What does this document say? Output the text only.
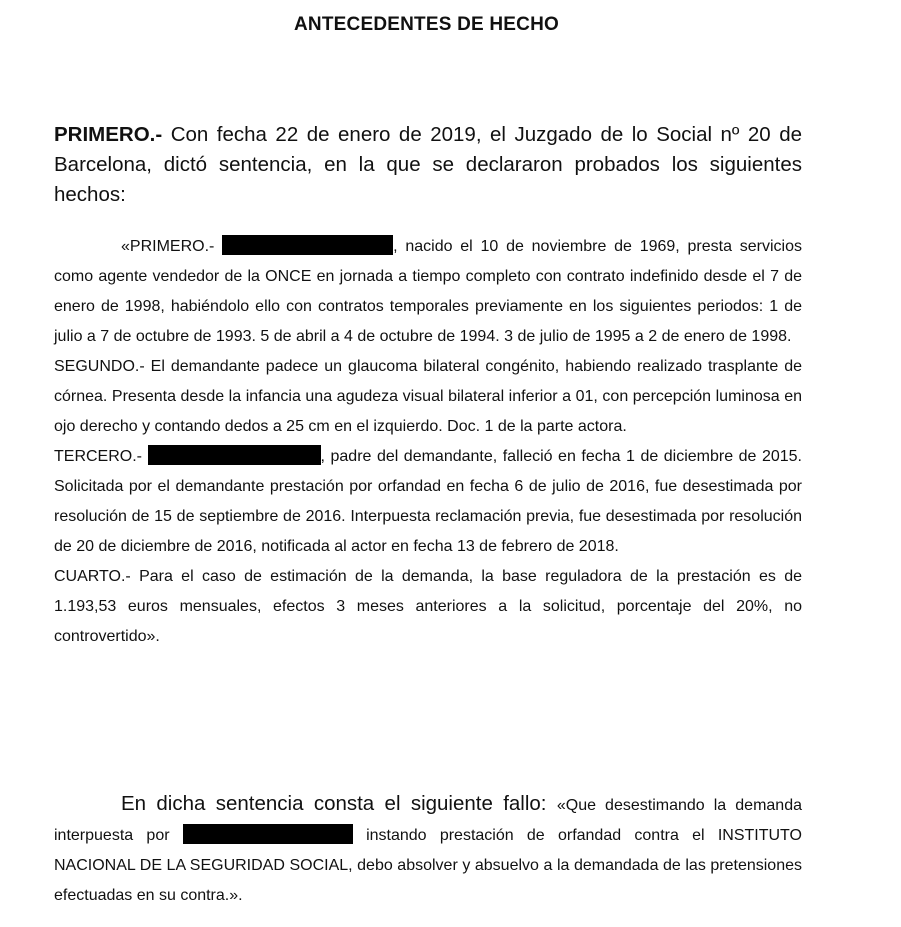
ANTECEDENTES DE HECHO
PRIMERO.- Con fecha 22 de enero de 2019, el Juzgado de lo Social nº 20 de Barcelona, dictó sentencia, en la que se declararon probados los siguientes hechos:

«PRIMERO.-	, nacido el 10 de noviembre de 1969, presta servicios como agente vendedor de la ONCE en jornada a tiempo completo con contrato indefinido desde el 7 de enero de 1998, habiéndolo ello con contratos temporales previamente en los siguientes periodos: 1 de julio a 7 de octubre de 1993. 5 de abril a 4 de octubre de 1994. 3 de julio de 1995 a 2 de enero de 1998.

SEGUNDO.- El demandante padece un glaucoma bilateral congénito, habiendo realizado trasplante de córnea. Presenta desde la infancia una agudeza visual bilateral inferior a 01, con percepción luminosa en ojo derecho y contando dedos a 25 cm en el izquierdo. Doc. 1 de la parte actora.

TERCERO.-	, padre del demandante, falleció en fecha 1 de diciembre de 2015. Solicitada por el demandante prestación por orfandad en fecha 6 de julio de 2016, fue desestimada por resolución de 15 de septiembre de 2016. Interpuesta reclamación previa, fue desestimada por resolución de 20 de diciembre de 2016, notificada al actor en fecha 13 de febrero de 2018.

CUARTO.- Para el caso de estimación de la demanda, la base reguladora de la prestación es de 1.193,53 euros mensuales, efectos 3 meses anteriores a la solicitud, porcentaje del 20%, no controvertido».

En dicha sentencia consta el siguiente fallo: «Que desestimando la demanda interpuesta por	instando prestación de orfandad contra el INSTITUTO NACIONAL DE LA SEGURIDAD SOCIAL, debo absolver y absuelvo a la demandada de las pretensiones efectuadas en su contra.».
